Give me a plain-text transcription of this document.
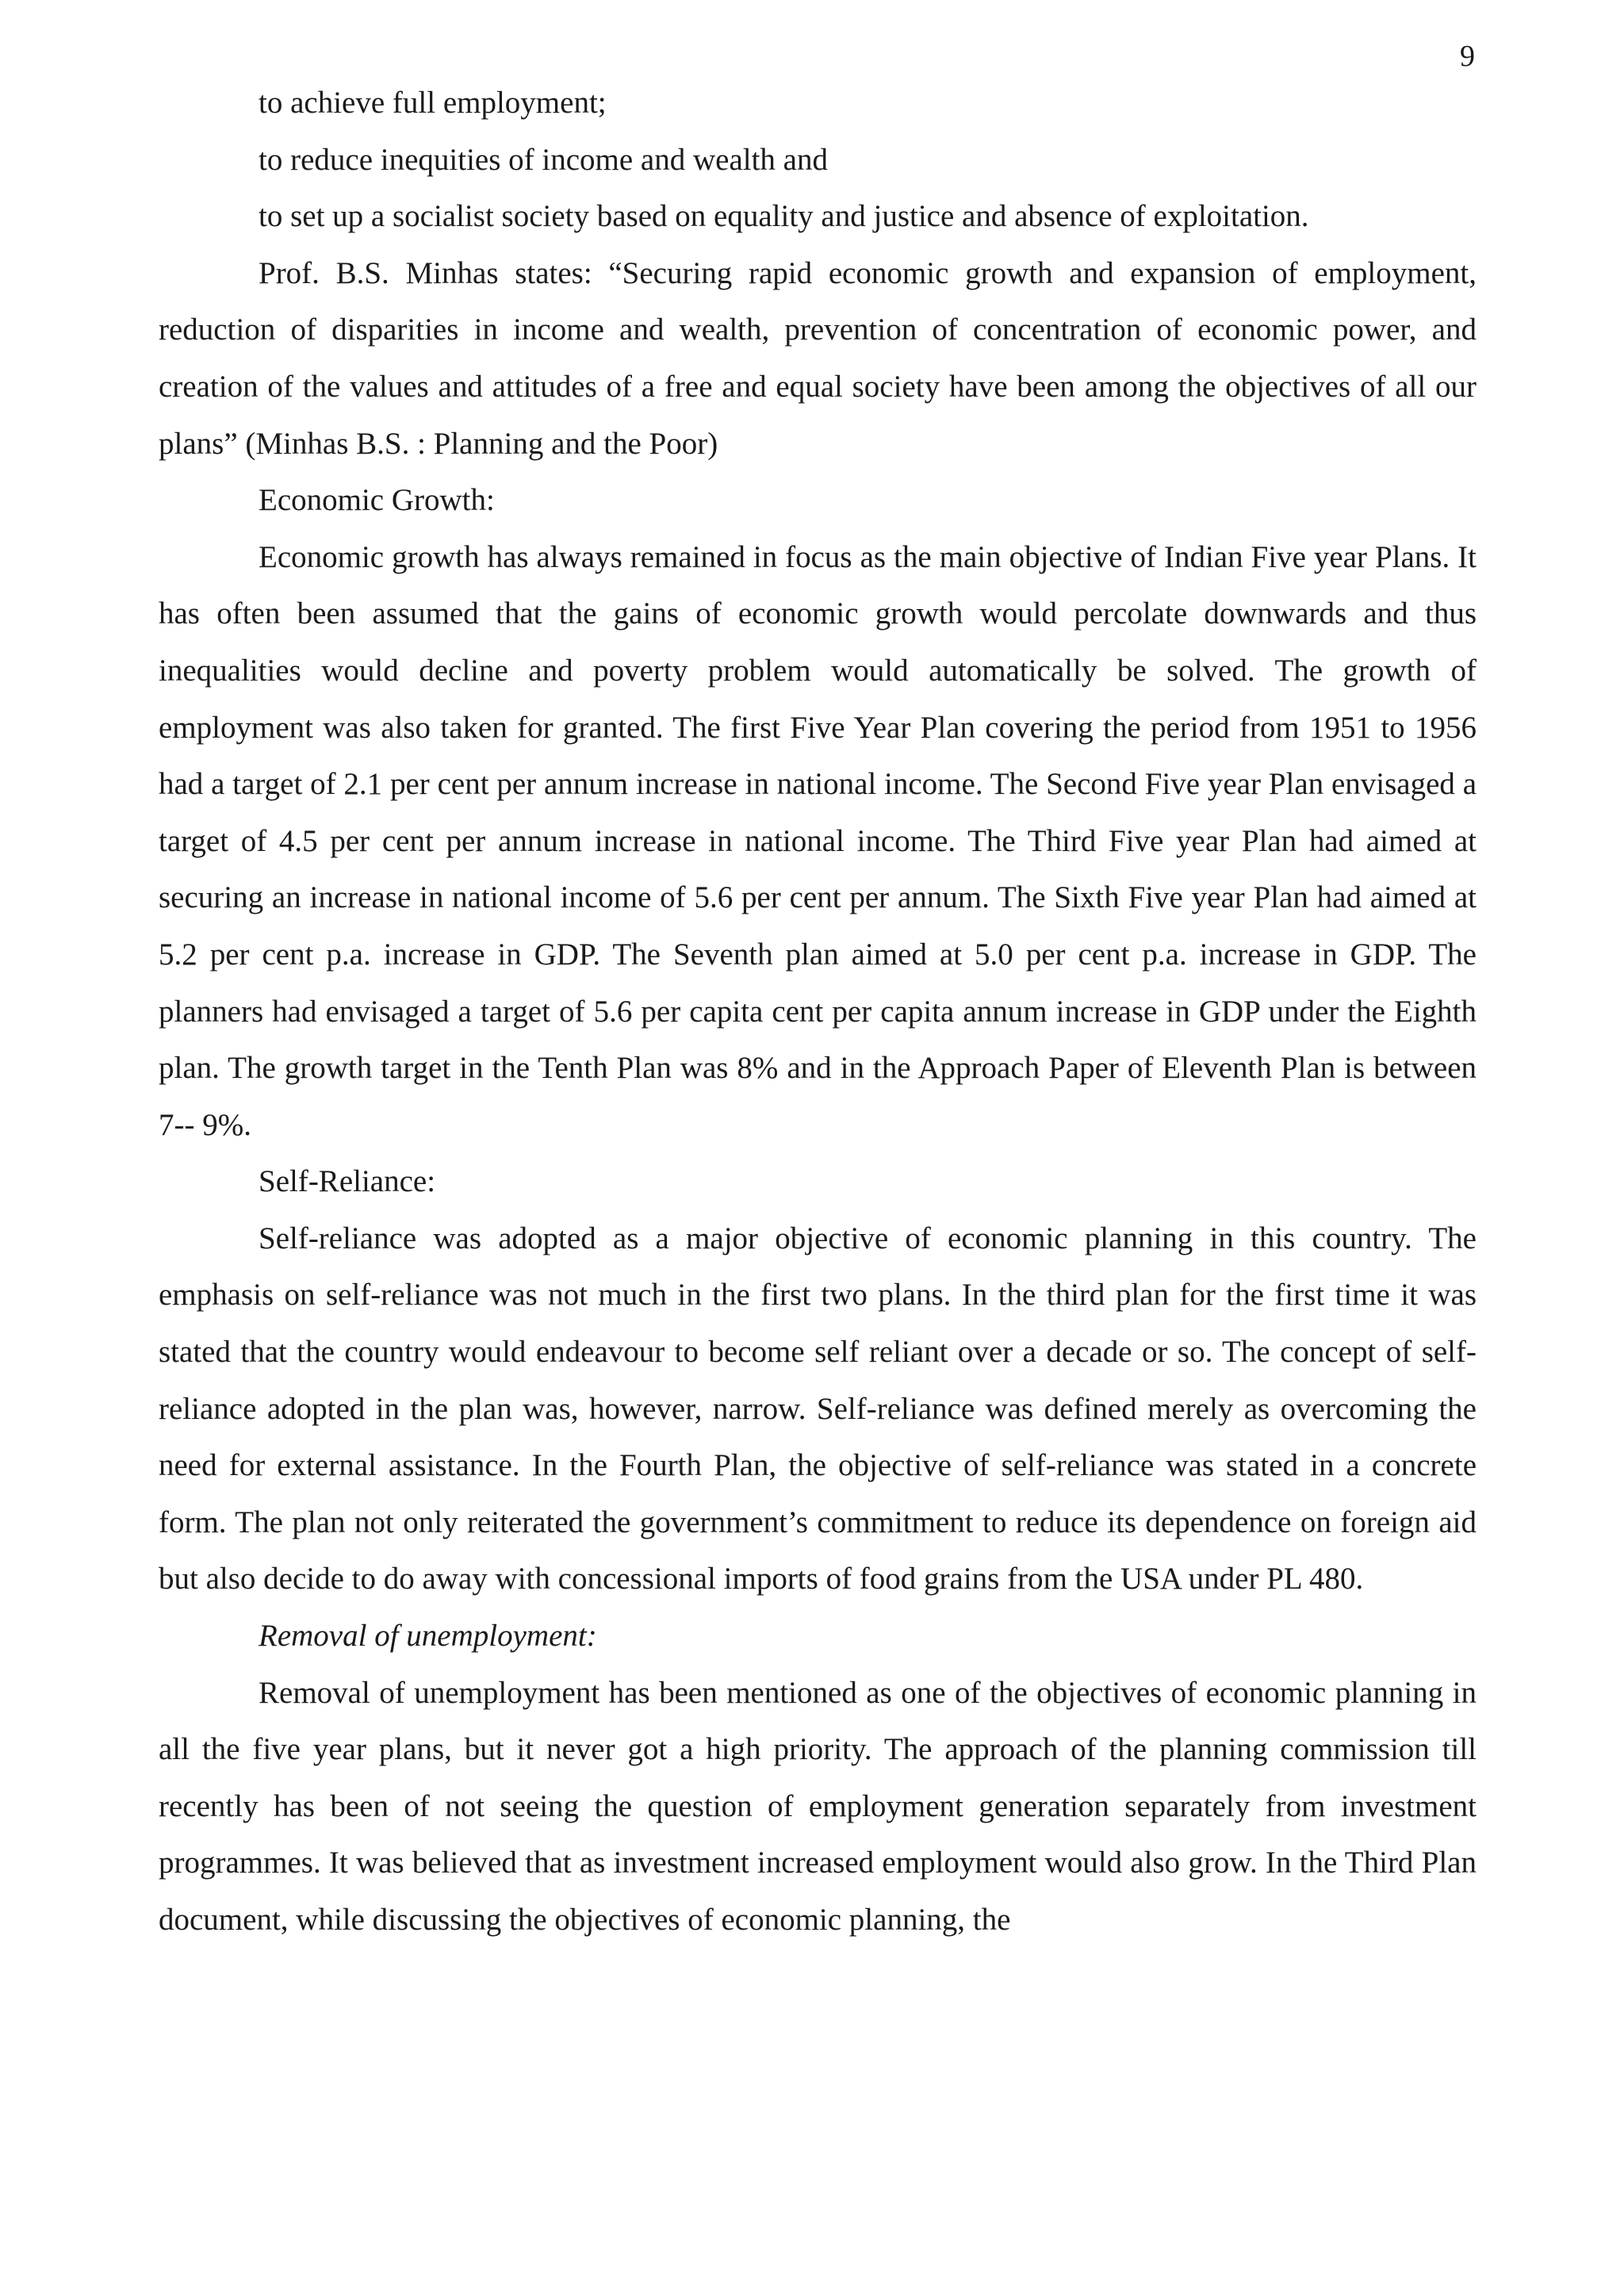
9

to achieve full employment;

to reduce inequities of income and wealth and

to set up a socialist society based on equality and justice and absence of exploitation.

Prof. B.S. Minhas states: “Securing rapid economic growth and expansion of employment, reduction of disparities in income and wealth, prevention of concentration of economic power, and creation of the values and attitudes of a free and equal society have been among the objectives of all our plans” (Minhas B.S. : Planning and the Poor)

Economic Growth:

Economic growth has always remained in focus as the main objective of Indian Five year Plans. It has often been assumed that the gains of economic growth would percolate downwards and thus inequalities would decline and poverty problem would automatically be solved. The growth of employment was also taken for granted. The first Five Year Plan covering the period from 1951 to 1956 had a target of 2.1 per cent per annum increase in national income. The Second Five year Plan envisaged a target of 4.5 per cent per annum increase in national income. The Third Five year Plan had aimed at securing an increase in national income of 5.6 per cent per annum. The Sixth Five year Plan had aimed at 5.2 per cent p.a. increase in GDP. The Seventh plan aimed at 5.0 per cent p.a. increase in GDP. The planners had envisaged a target of 5.6 per capita cent per capita annum increase in GDP under the Eighth plan. The growth target in the Tenth Plan was 8% and in the Approach Paper of Eleventh Plan is between 7-- 9%.

Self-Reliance:

Self-reliance was adopted as a major objective of economic planning in this country. The emphasis on self-reliance was not much in the first two plans. In the third plan for the first time it was stated that the country would endeavour to become self reliant over a decade or so. The concept of self-reliance adopted in the plan was, however, narrow. Self-reliance was defined merely as overcoming the need for external assistance. In the Fourth Plan, the objective of self-reliance was stated in a concrete form. The plan not only reiterated the government’s commitment to reduce its dependence on foreign aid but also decide to do away with concessional imports of food grains from the USA under PL 480.

Removal of unemployment:

Removal of unemployment has been mentioned as one of the objectives of economic planning in all the five year plans, but it never got a high priority. The approach of the planning commission till recently has been of not seeing the question of employment generation separately from investment programmes. It was believed that as investment increased employment would also grow. In the Third Plan document, while discussing the objectives of economic planning, the
